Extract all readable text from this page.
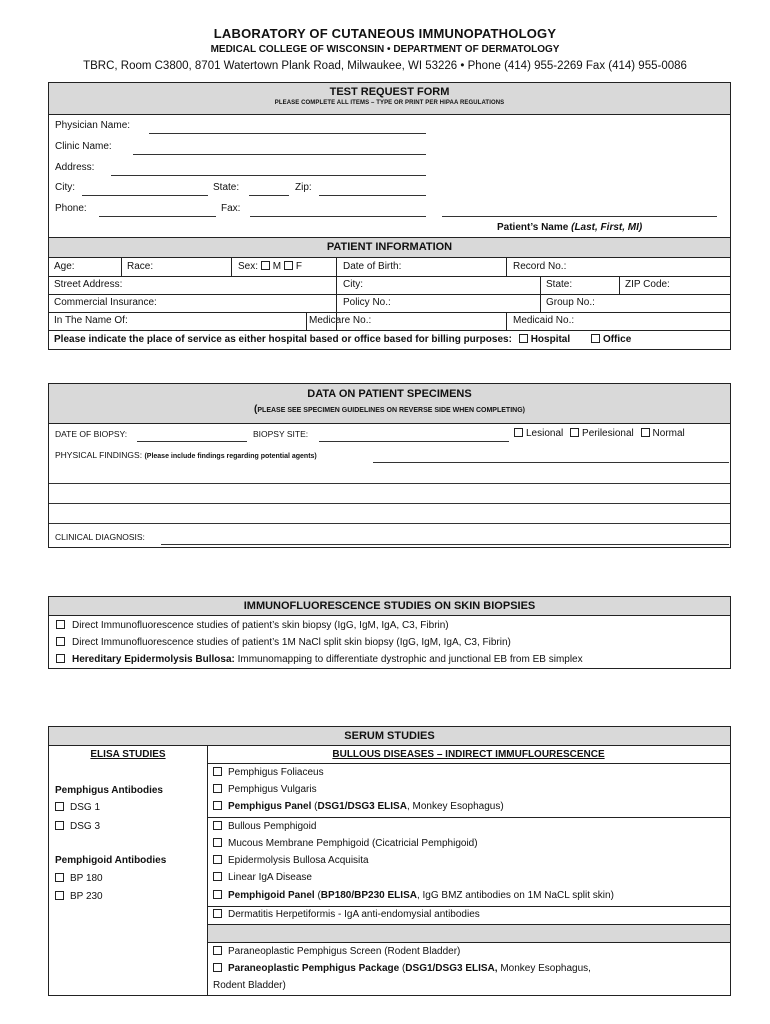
LABORATORY OF CUTANEOUS IMMUNOPATHOLOGY
MEDICAL COLLEGE OF WISCONSIN • DEPARTMENT OF DERMATOLOGY
TBRC, Room C3800, 8701 Watertown Plank Road, Milwaukee, WI 53226 • Phone (414) 955-2269 Fax (414) 955-0086
TEST REQUEST FORM
PLEASE COMPLETE ALL ITEMS – TYPE OR PRINT PER HIPAA REGULATIONS
Physician Name:
Clinic Name:
Address:
City:	State:	Zip:
Phone:	Fax:
Patient’s Name (Last, First, MI)
PATIENT INFORMATION
Age:	Race:	Sex: M F	Date of Birth:	Record No.:
Street Address:	City:	State:	ZIP Code:
Commercial Insurance:	Policy No.:	Group No.:
In The Name Of:	Medicare No.:	Medicaid No.:
Please indicate the place of service as either hospital based or office based for billing purposes: Hospital	Office
DATA ON PATIENT SPECIMENS
(PLEASE SEE SPECIMEN GUIDELINES ON REVERSE SIDE WHEN COMPLETING)
DATE OF BIOPSY:	BIOPSY SITE:	Lesional Perilesional Normal
PHYSICAL FINDINGS: (Please include findings regarding potential agents)
CLINICAL DIAGNOSIS:
IMMUNOFLUORESCENCE STUDIES ON SKIN BIOPSIES
Direct Immunofluorescence studies of patient’s skin biopsy (IgG, IgM, IgA, C3, Fibrin)
Direct Immunofluorescence studies of patient’s 1M NaCl split skin biopsy (IgG, IgM, IgA, C3, Fibrin)
Hereditary Epidermolysis Bullosa: Immunomapping to differentiate dystrophic and junctional EB from EB simplex
SERUM STUDIES
ELISA STUDIES
Pemphigus Antibodies
DSG 1
DSG 3
Pemphigoid Antibodies
BP 180
BP 230
BULLOUS DISEASES – INDIRECT IMMUFLOURESCENCE
Pemphigus Foliaceus
Pemphigus Vulgaris
Pemphigus Panel (DSG1/DSG3 ELISA, Monkey Esophagus)
Bullous Pemphigoid
Mucous Membrane Pemphigoid (Cicatricial Pemphigoid)
Epidermolysis Bullosa Acquisita
Linear IgA Disease
Pemphigoid Panel (BP180/BP230 ELISA, IgG BMZ antibodies on 1M NaCL split skin)
Dermatitis Herpetiformis - IgA anti-endomysial antibodies
Paraneoplastic Pemphigus Screen (Rodent Bladder)
Paraneoplastic Pemphigus Package (DSG1/DSG3 ELISA, Monkey Esophagus,
Rodent Bladder)
